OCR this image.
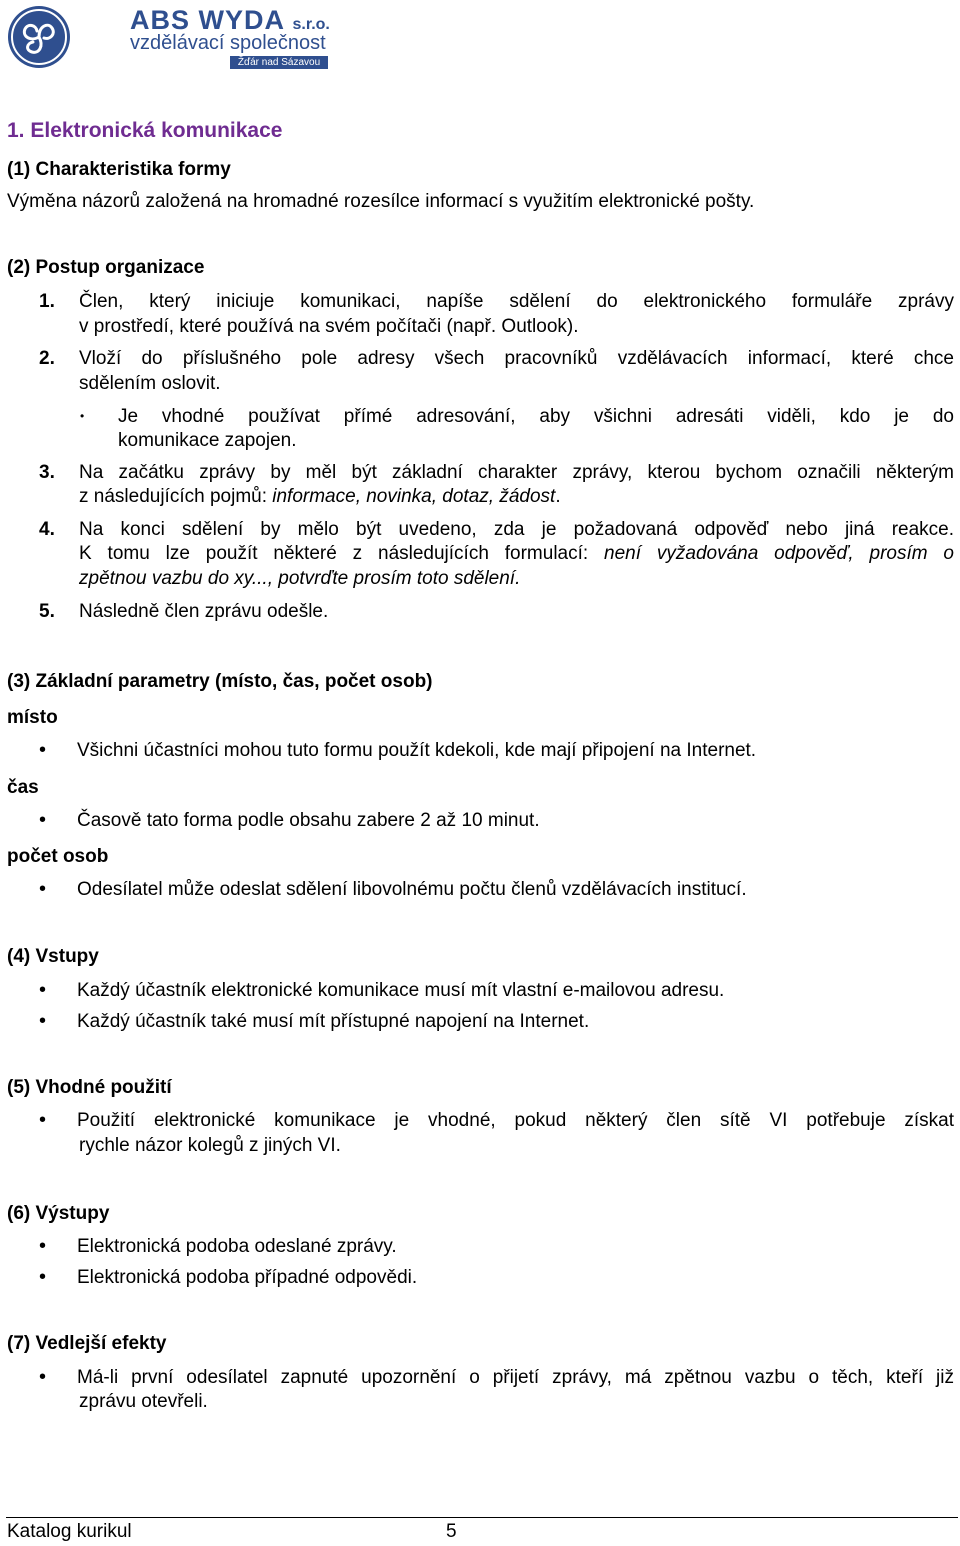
ABS WYDA s.r.o.
vzdělávací společnost
Žďár nad Sázavou
1. Elektronická komunikace
(1) Charakteristika formy
Výměna názorů založená na hromadné rozesílce informací s využitím elektronické pošty.
(2) Postup organizace
1. Člen, který iniciuje komunikaci, napíše sdělení do elektronického formuláře zprávy
v prostředí, které používá na svém počítači (např. Outlook).
2. Vloží do příslušného pole adresy všech pracovníků vzdělávacích informací, které chce
sdělením oslovit.
• Je vhodné používat přímé adresování, aby všichni adresáti viděli, kdo je do
komunikace zapojen.
3. Na začátku zprávy by měl být základní charakter zprávy, kterou bychom označili některým
z následujících pojmů: informace, novinka, dotaz, žádost.
4. Na konci sdělení by mělo být uvedeno, zda je požadovaná odpověď nebo jiná reakce.
K tomu lze použít některé z následujících formulací: není vyžadována odpověď, prosím o
zpětnou vazbu do xy..., potvrďte prosím toto sdělení.
5. Následně člen zprávu odešle.
(3) Základní parametry (místo, čas, počet osob)
místo
• Všichni účastníci mohou tuto formu použít kdekoli, kde mají připojení na Internet.
čas
• Časově tato forma podle obsahu zabere 2 až 10 minut.
počet osob
• Odesílatel může odeslat sdělení libovolnému počtu členů vzdělávacích institucí.
(4) Vstupy
• Každý účastník elektronické komunikace musí mít vlastní e-mailovou adresu.
• Každý účastník také musí mít přístupné napojení na Internet.
(5) Vhodné použití
• Použití elektronické komunikace je vhodné, pokud některý člen sítě VI potřebuje získat
rychle názor kolegů z jiných VI.
(6) Výstupy
• Elektronická podoba odeslané zprávy.
• Elektronická podoba případné odpovědi.
(7) Vedlejší efekty
• Má-li první odesílatel zapnuté upozornění o přijetí zprávy, má zpětnou vazbu o těch, kteří již
zprávu otevřeli.
Katalog kurikul	5
